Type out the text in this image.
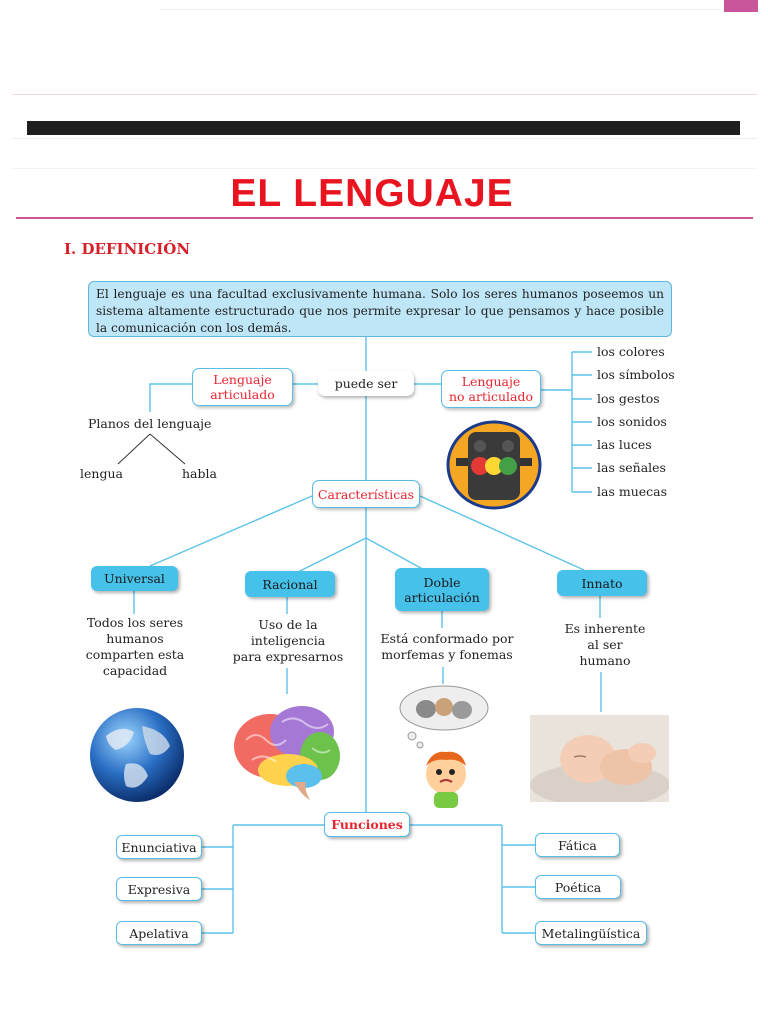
EL LENGUAJE
I. DEFINICIÓN
El lenguaje es una facultad exclusivamente humana. Solo los seres humanos poseemos un sistema altamente estructurado que nos permite expresar lo que pensamos y hace posible la comunicación con los demás.
puede ser
Lenguaje
articulado
Lenguaje
no articulado
Planos del lenguaje
lengua	habla
los colores
los símbolos
los gestos
los sonidos
las luces
las señales
las muecas
Características
Universal	Racional	Doble
articulación
Innato
Todos los seres
humanos
comparten esta
capacidad
Uso de la
inteligencia
para expresarnos
Está conformado por
morfemas y fonemas
Es inherente
al ser
humano
Funciones
Enunciativa
Expresiva
Apelativa
Fática
Poética
Metalingüística
